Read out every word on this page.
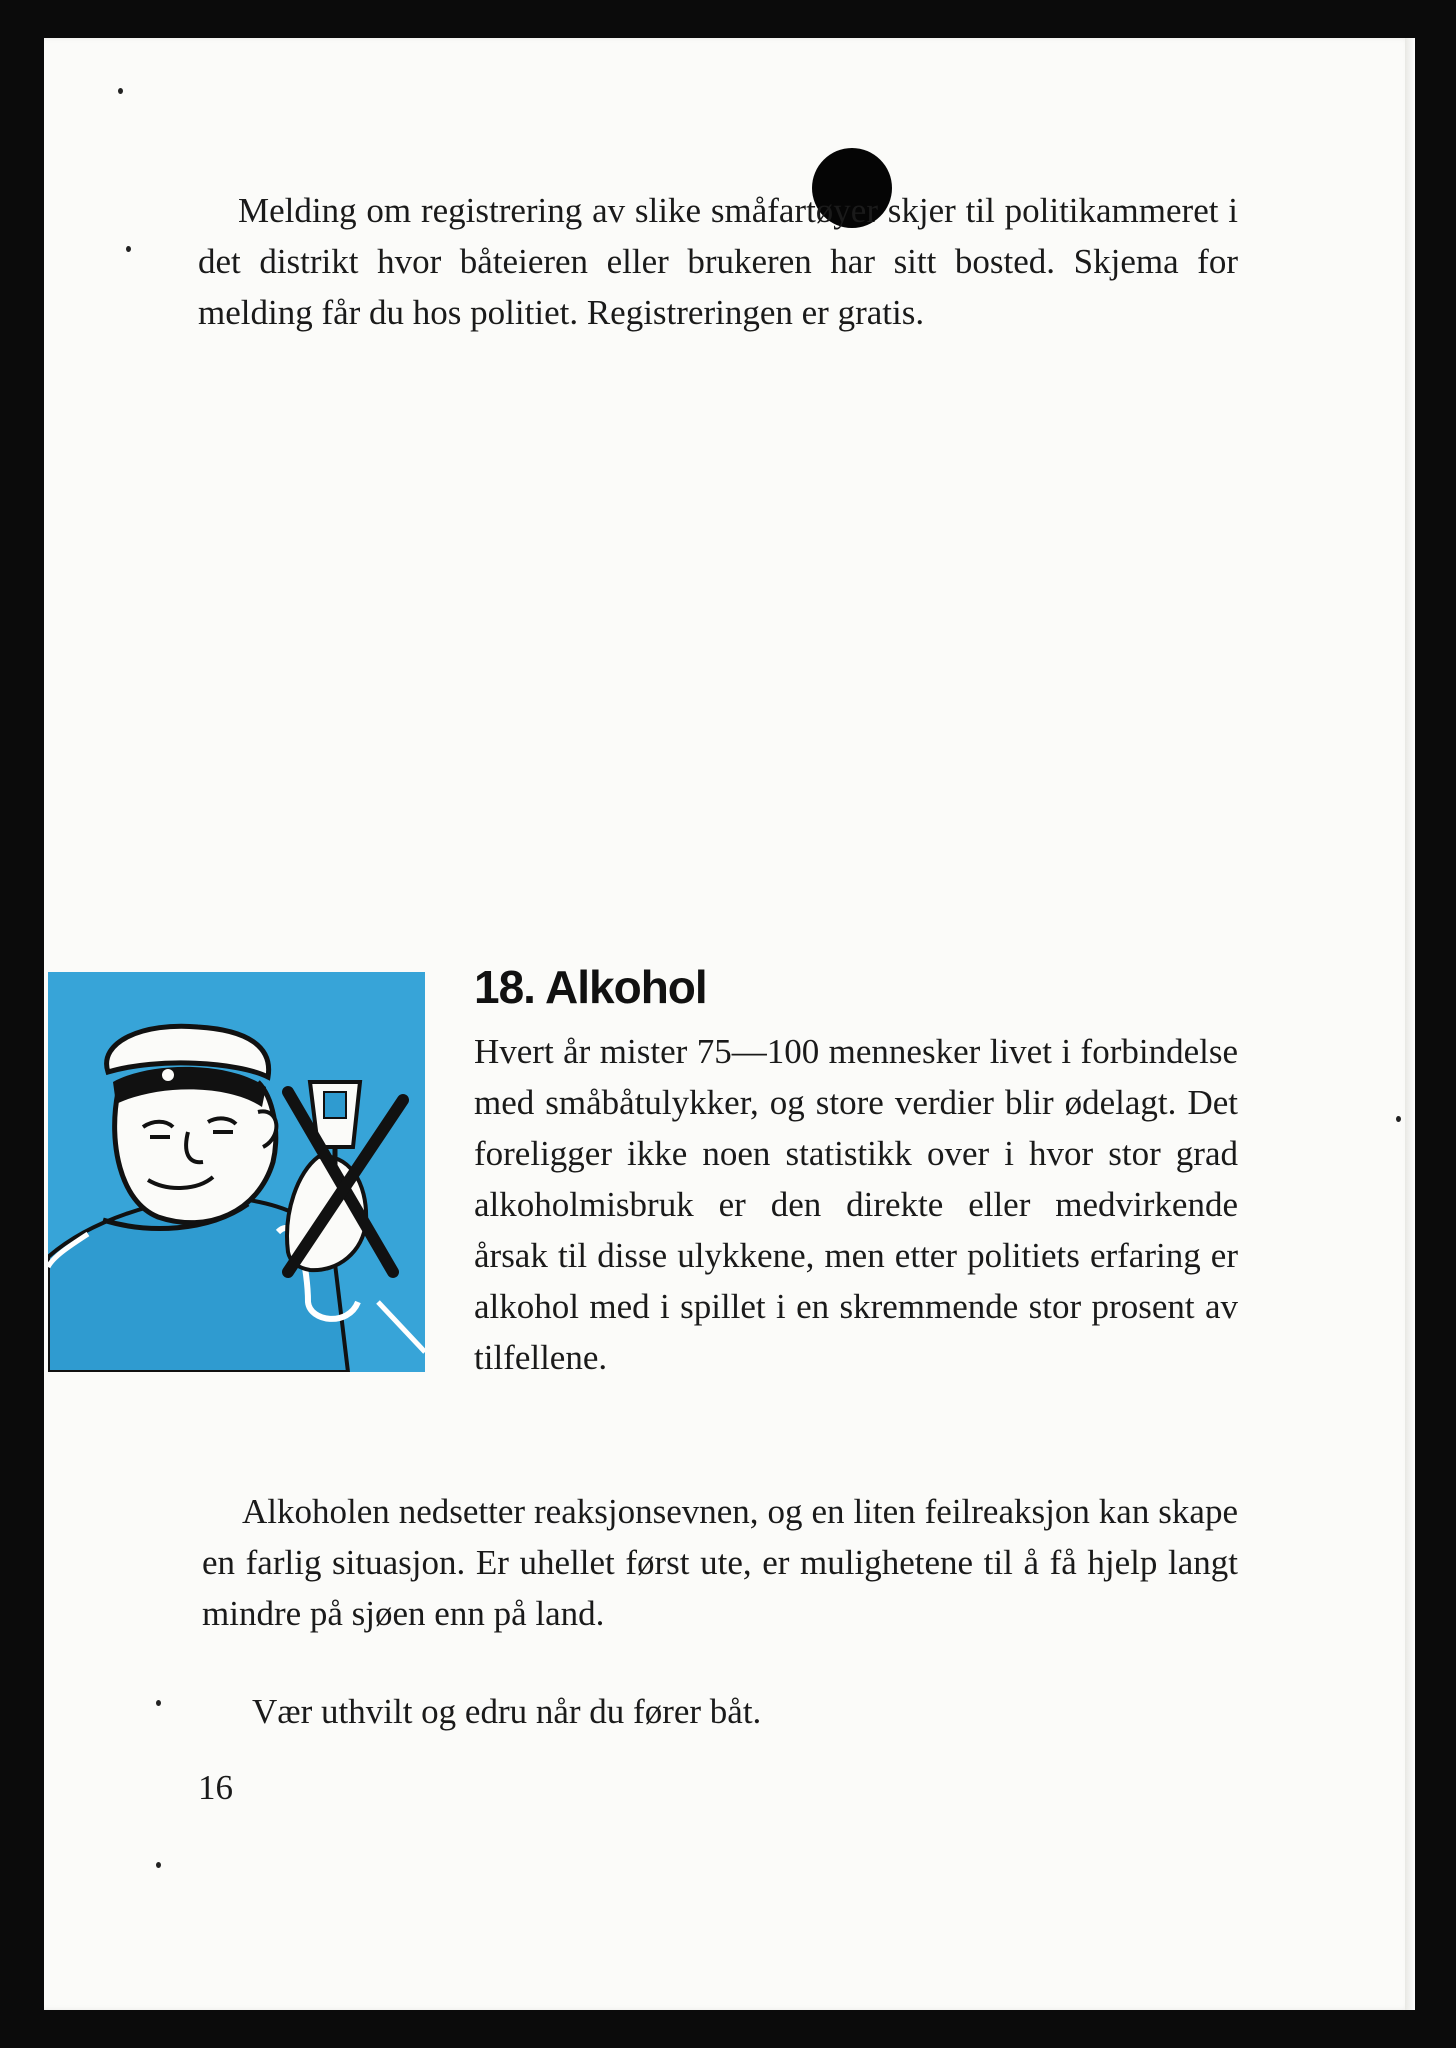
Melding om registrering av slike småfartøyer skjer til politikammeret i det distrikt hvor båteieren eller brukeren har sitt bosted. Skjema for melding får du hos politiet. Registreringen er gratis.

18. Alkohol

Hvert år mister 75—100 mennesker livet i forbindelse med småbåtulykker, og store verdier blir ødelagt. Det foreligger ikke noen statistikk over i hvor stor grad alkoholmisbruk er den direkte eller medvirkende årsak til disse ulykkene, men etter politiets erfaring er alkohol med i spillet i en skremmende stor prosent av tilfellene.

Alkoholen nedsetter reaksjonsevnen, og en liten feilreaksjon kan skape en farlig situasjon. Er uhellet først ute, er mulighetene til å få hjelp langt mindre på sjøen enn på land.

Vær uthvilt og edru når du fører båt.

16
